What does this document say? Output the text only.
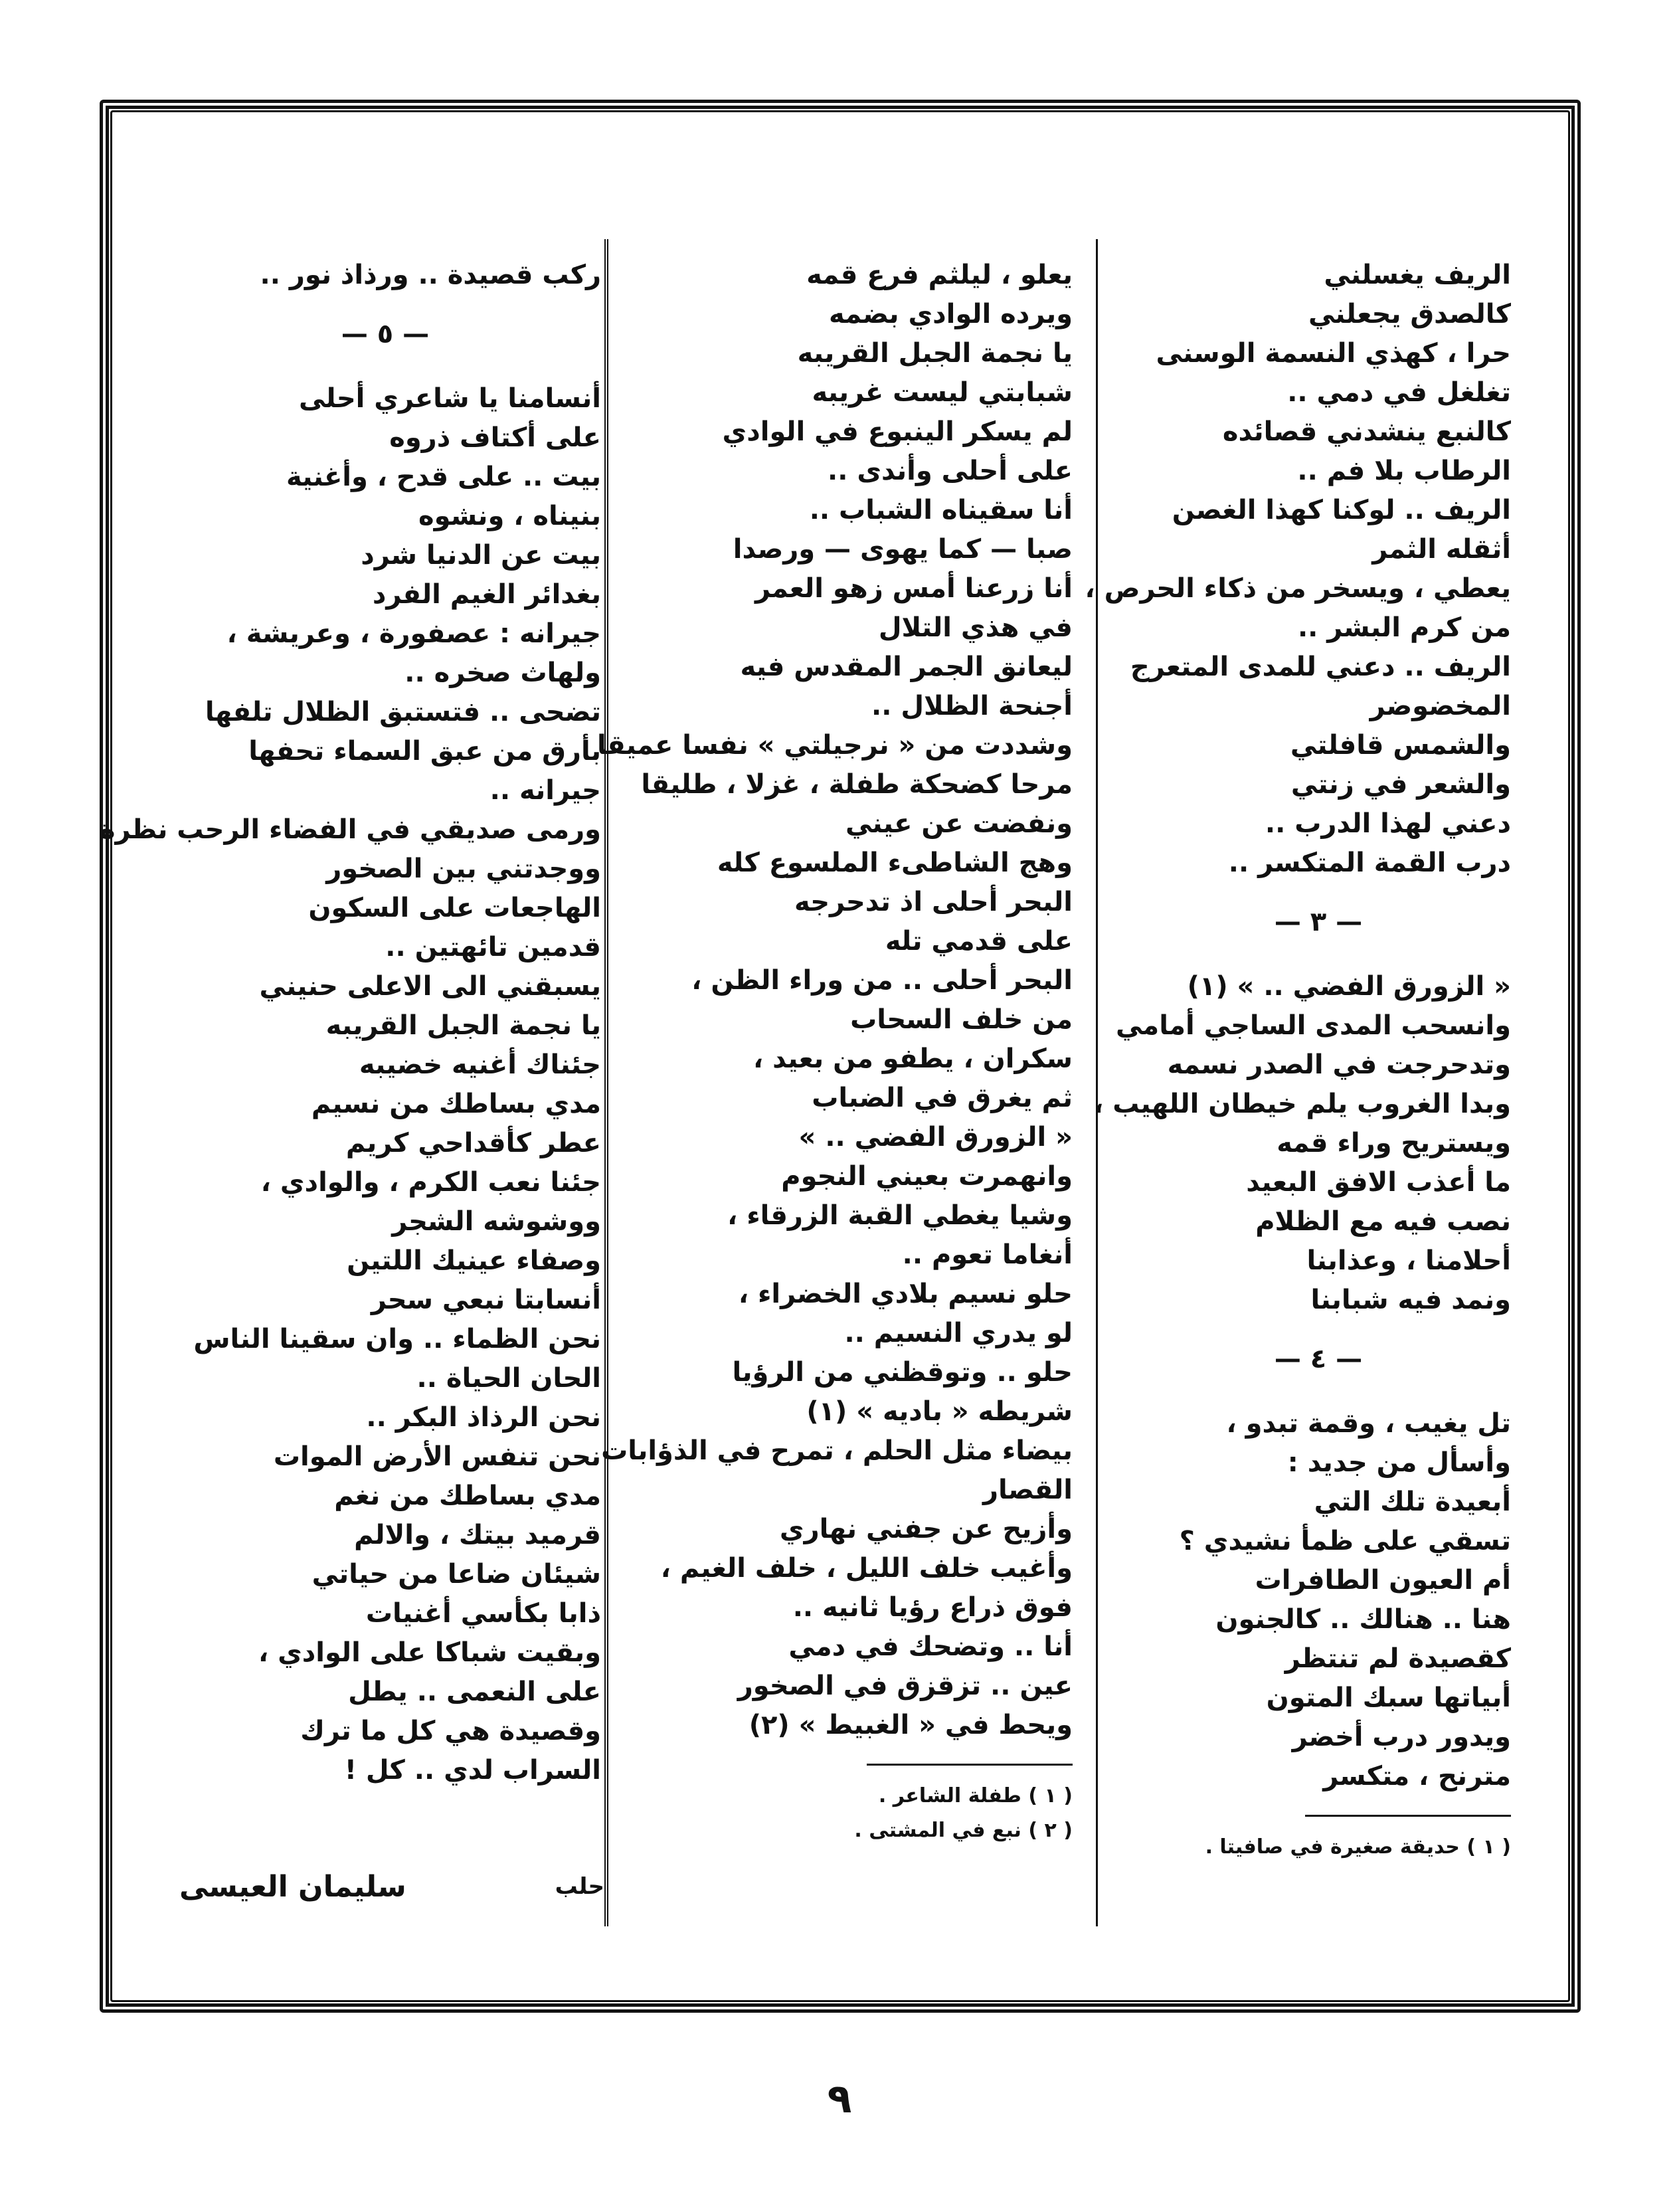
الريف يغسلني
كالصدق يجعلني
حرا ، كهذي النسمة الوسنى
تغلغل في دمي ..
كالنبع ينشدني قصائده
الرطاب بلا فم ..
الريف .. لوكنا كهذا الغصن
أثقله الثمر
يعطي ، ويسخر من ذكاء الحرص ،
من كرم البشر ..
الريف .. دعني للمدى المتعرج
المخضوضر
والشمس قافلتي
والشعر في زنتي
دعني لهذا الدرب ..
درب القمة المتكسر ..
— ٣ —
« الزورق الفضي .. » (١)
وانسحب المدى الساجي أمامي
وتدحرجت في الصدر نسمه
وبدا الغروب يلم خيطان اللهيب ،
ويستريح وراء قمه
ما أعذب الافق البعيد
نصب فيه مع الظلام
أحلامنا ، وعذابنا
ونمد فيه شبابنا
— ٤ —
تل يغيب ، وقمة تبدو ،
وأسأل من جديد :
أبعيدة تلك التي
تسقي على ظمأ نشيدي ؟
أم العيون الطافرات
هنا .. هنالك .. كالجنون
كقصيدة لم تنتظر
أبياتها سبك المتون
ويدور درب أخضر
مترنح ، متكسر
( ١ ) حديقة صغيرة في صافيتا .
يعلو ، ليلثم فرع قمه
ويرده الوادي بضمه
يا نجمة الجبل القريبه
شبابتي ليست غريبه
لم يسكر الينبوع في الوادي
على أحلى وأندى ..
أنا سقيناه الشباب ..
صبا — كما يهوى — ورصدا
أنا زرعنا أمس زهو العمر
في هذي التلال
ليعانق الجمر المقدس فيه
أجنحة الظلال ..
وشددت من « نرجيلتي » نفسا عميقا
مرحا كضحكة طفلة ، غزلا ، طليقا
ونفضت عن عيني
وهج الشاطىء الملسوع كله
البحر أحلى اذ تدحرجه
على قدمي تله
البحر أحلى .. من وراء الظن ،
من خلف السحاب
سكران ، يطفو من بعيد ،
ثم يغرق في الضباب
« الزورق الفضي .. »
وانهمرت بعيني النجوم
وشيا يغطي القبة الزرقاء ،
أنغاما تعوم ..
حلو نسيم بلادي الخضراء ،
لو يدري النسيم ..
حلو .. وتوقظني من الرؤيا
شريطه « باديه » (١)
بيضاء مثل الحلم ، تمرح في الذؤابات
القصار
وأزيح عن جفني نهاري
وأغيب خلف الليل ، خلف الغيم ،
فوق ذراع رؤيا ثانيه ..
أنا .. وتضحك في دمي
عين .. تزقزق في الصخور
ويحط في « الغبيط » (٢)
( ١ ) طفلة الشاعر .
( ٢ ) نبع في المشتى .
ركب قصيدة .. ورذاذ نور ..
— ٥ —
أنسامنا يا شاعري أحلى
على أكتاف ذروه
بيت .. على قدح ، وأغنية
بنيناه ، ونشوه
بيت عن الدنيا شرد
بغدائر الغيم الفرد
جيرانه : عصفورة ، وعريشة ،
ولهاث صخره ..
تضحى .. فتستبق الظلال تلفها
بأرق من عبق السماء تحفها
جيرانه ..
ورمى صديقي في الفضاء الرحب نظرة
ووجدتني بين الصخور
الهاجعات على السكون
قدمين تائهتين ..
يسبقني الى الاعلى حنيني
يا نجمة الجبل القريبه
جئناك أغنيه خضيبه
مدي بساطك من نسيم
عطر كأقداحي كريم
جئنا نعب الكرم ، والوادي ،
ووشوشه الشجر
وصفاء عينيك اللتين
أنسابتا نبعي سحر
نحن الظماء .. وان سقينا الناس
الحان الحياة ..
نحن الرذاذ البكر ..
نحن تنفس الأرض الموات
مدي بساطك من نغم
قرميد بيتك ، والالم
شيئان ضاعا من حياتي
ذابا بكأسي أغنيات
وبقيت شباكا على الوادي ،
على النعمى .. يطل
وقصيدة هي كل ما ترك
السراب لدي .. كل !
حلب
سليمان العيسى
٩
